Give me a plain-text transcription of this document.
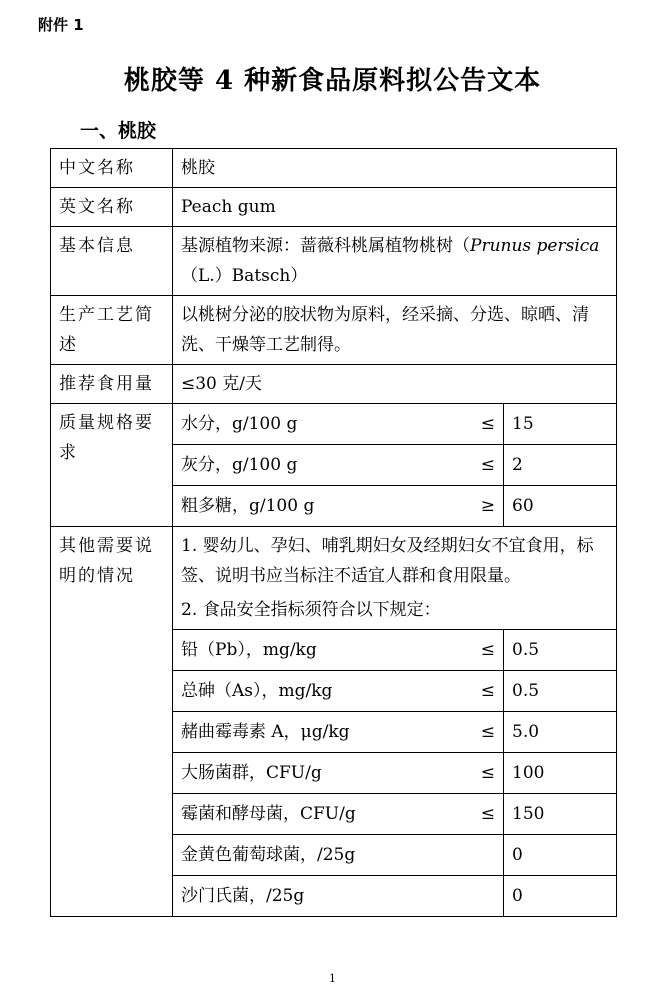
附件 1
桃胶等 4 种新食品原料拟公告文本
一、桃胶
中文名称	桃胶
英文名称	Peach gum
基本信息	基源植物来源：蔷薇科桃属植物桃树（Prunus persica（L.）Batsch）
生产工艺简述	以桃树分泌的胶状物为原料，经采摘、分选、晾晒、清洗、干燥等工艺制得。
推荐食用量	≤30 克/天
质量规格要求	
水分，g/100 g	≤	15
灰分，g/100 g	≤	2
粗多糖，g/100 g	≥	60

其他需要说明的情况	
1. 婴幼儿、孕妇、哺乳期妇女及经期妇女不宜食用，标签、说明书应当标注不适宜人群和食用限量。
2. 食品安全指标须符合以下规定：
铅（Pb），mg/kg	≤	0.5
总砷（As），mg/kg	≤	0.5
赭曲霉毒素 A，μg/kg	≤	5.0
大肠菌群，CFU/g	≤	100
霉菌和酵母菌，CFU/g	≤	150
金黄色葡萄球菌，/25g		0
沙门氏菌，/25g		0
1
